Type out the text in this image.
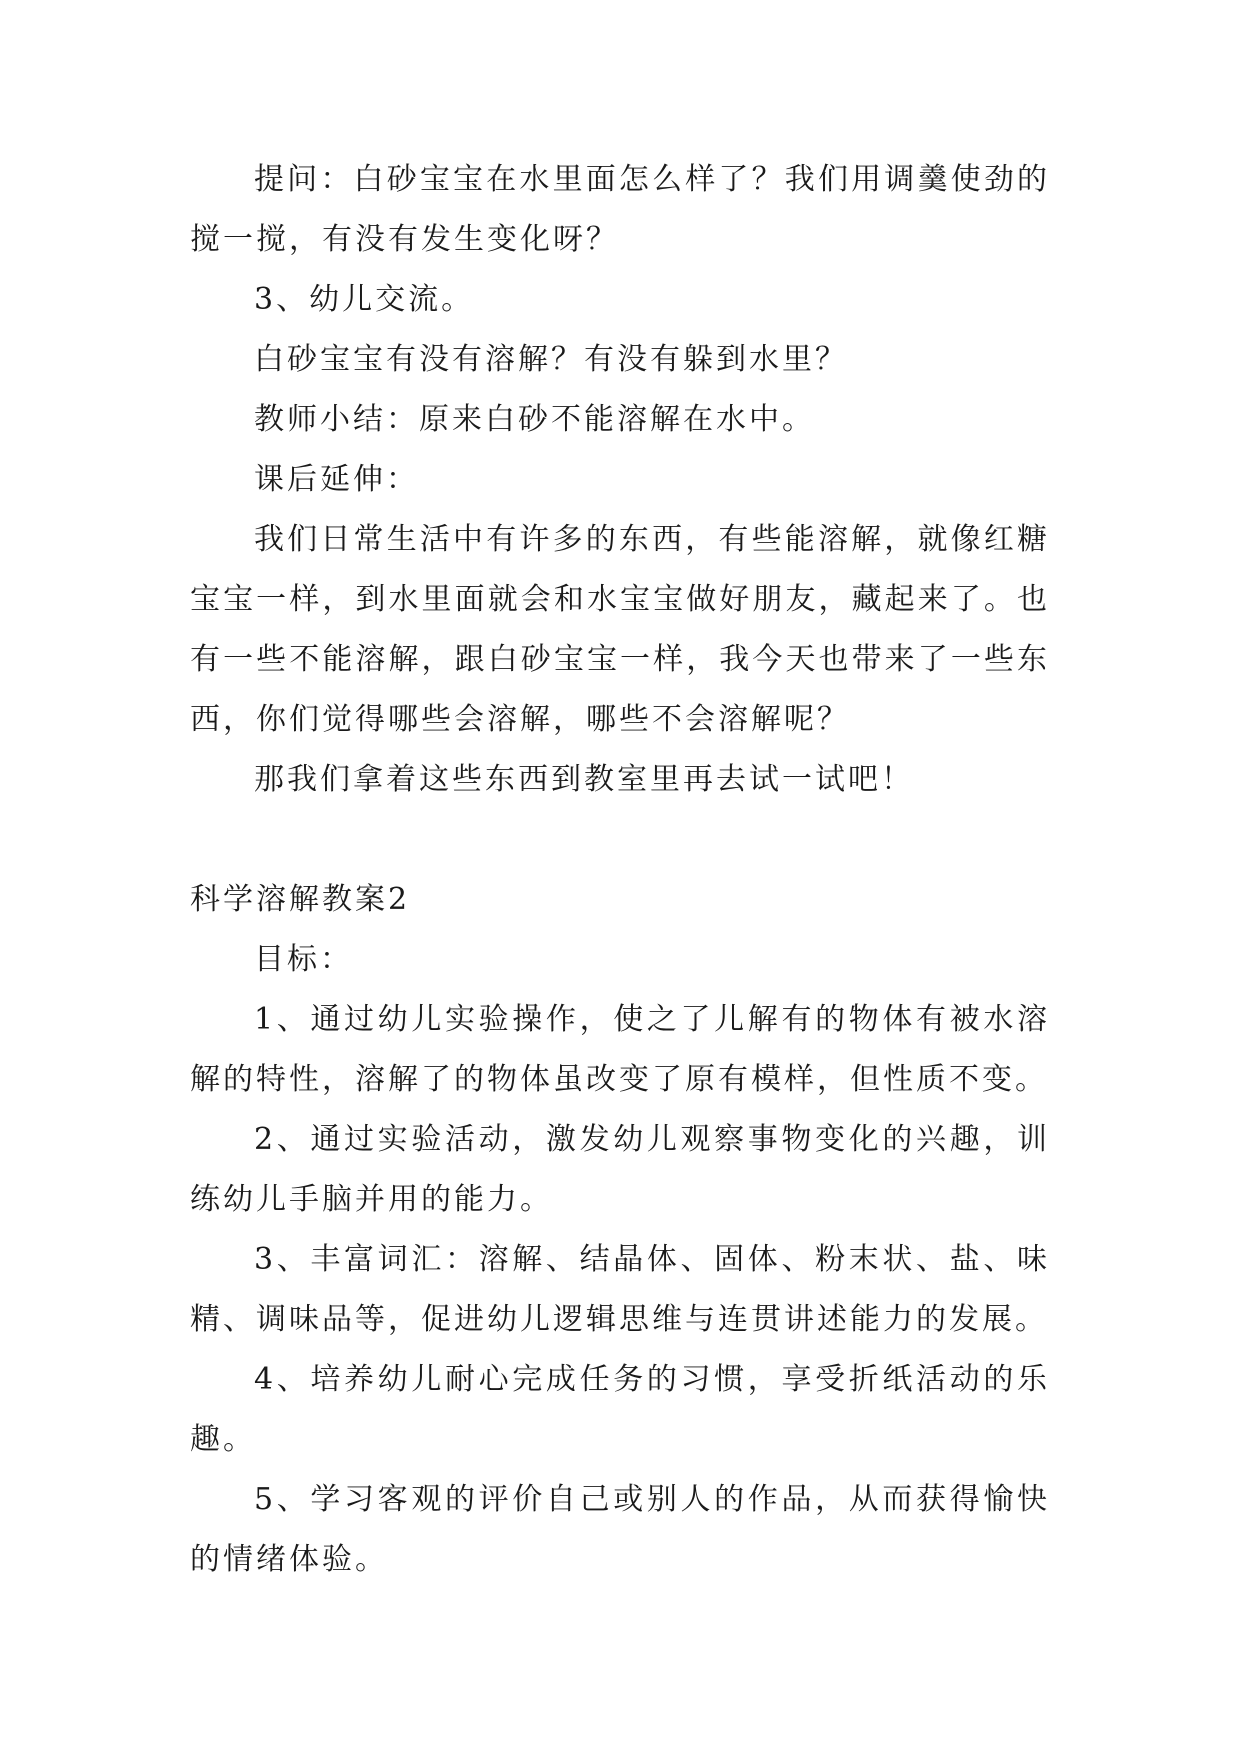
提问：白砂宝宝在水里面怎么样了？我们用调羹使劲的搅一搅，有没有发生变化呀？

3、幼儿交流。

白砂宝宝有没有溶解？有没有躲到水里？

教师小结：原来白砂不能溶解在水中。

课后延伸：

我们日常生活中有许多的东西，有些能溶解，就像红糖宝宝一样，到水里面就会和水宝宝做好朋友，藏起来了。也有一些不能溶解，跟白砂宝宝一样，我今天也带来了一些东西，你们觉得哪些会溶解，哪些不会溶解呢？

那我们拿着这些东西到教室里再去试一试吧！

科学溶解教案2

目标：

1、通过幼儿实验操作，使之了儿解有的物体有被水溶解的特性，溶解了的物体虽改变了原有模样，但性质不变。

2、通过实验活动，激发幼儿观察事物变化的兴趣，训练幼儿手脑并用的能力。

3、丰富词汇：溶解、结晶体、固体、粉末状、盐、味精、调味品等，促进幼儿逻辑思维与连贯讲述能力的发展。

4、培养幼儿耐心完成任务的习惯，享受折纸活动的乐趣。

5、学习客观的评价自己或别人的作品，从而获得愉快的情绪体验。
